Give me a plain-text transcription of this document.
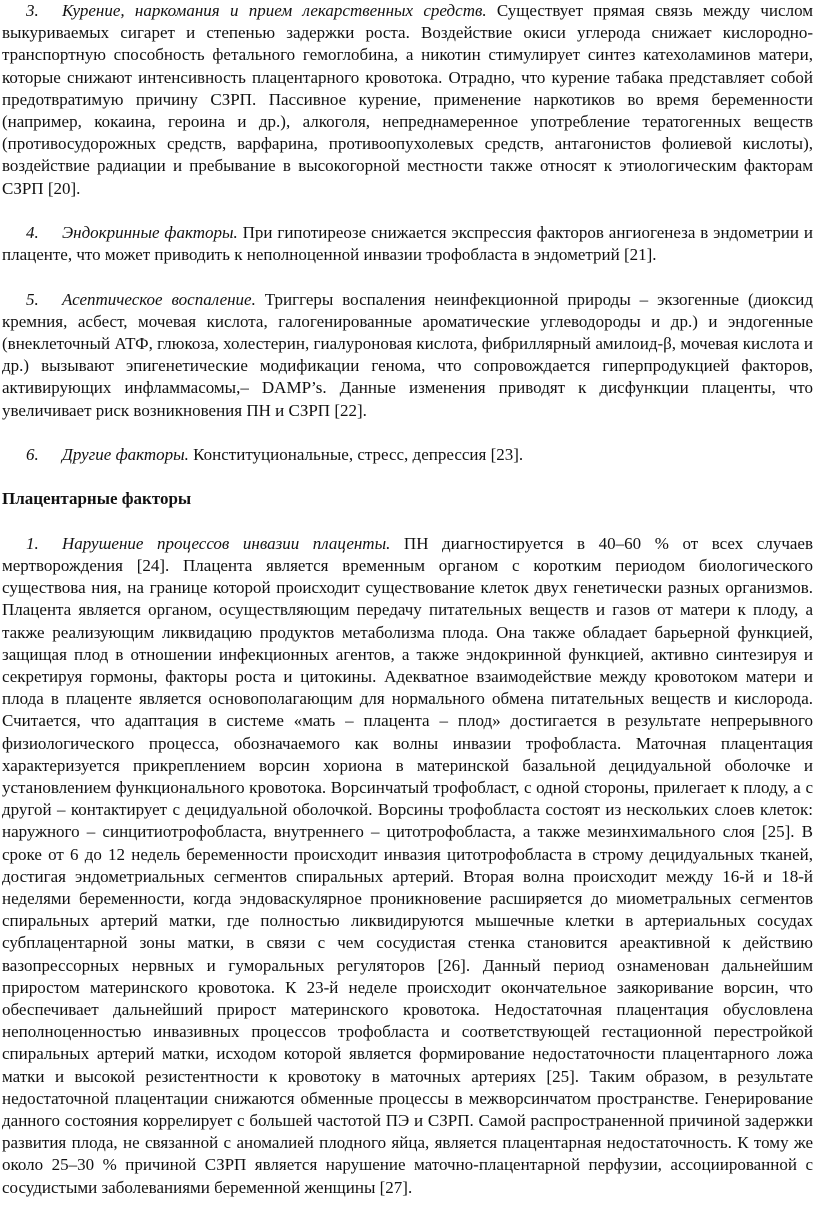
3. Курение, наркомания и прием лекарственных средств. Существует прямая связь между числом выкуриваемых сигарет и степенью задержки роста. Воздействие окиси углерода снижает кислородно-транспортную способность фетального гемоглобина, а никотин стимулирует синтез катехоламинов матери, которые снижают интенсивность плацентарного кровотока. Отрадно, что курение табака представляет собой предотвратимую причину СЗРП. Пассивное курение, применение наркотиков во время беременности (например, кокаина, героина и др.), алкоголя, непреднамеренное употребление тератогенных веществ (противосудорожных средств, варфарина, противоопухолевых средств, антагонистов фолиевой кислоты), воздействие радиации и пребывание в высокогорной местности также относят к этиологическим факторам СЗРП [20].

4. Эндокринные факторы. При гипотиреозе снижается экспрессия факторов ангиогенеза в эндометрии и плаценте, что может приводить к неполноценной инвазии трофобласта в эндометрий [21].

5. Асептическое воспаление. Триггеры воспаления неинфекционной природы – экзогенные (диоксид кремния, асбест, мочевая кислота, галогенированные ароматические углеводороды и др.) и эндогенные (внеклеточный АТФ, глюкоза, холестерин, гиалуроновая кислота, фибриллярный амилоид-β, мочевая кислота и др.) вызывают эпигенетические модификации генома, что сопровождается гиперпродукцией факторов, активирующих инфламмасомы,– DAMP’s. Данные изменения приводят к дисфункции плаценты, что увеличивает риск возникновения ПН и СЗРП [22].

6. Другие факторы. Конституциональные, стресс, депрессия [23].

Плацентарные факторы

1. Нарушение процессов инвазии плаценты. ПН диагностируется в 40–60 % от всех случаев мертворождения [24]. Плацента является временным органом с коротким периодом биологического существова ния, на границе которой происходит существование клеток двух генетически разных организмов. Плацента является органом, осуществляющим передачу питательных веществ и газов от матери к плоду, а также реализующим ликвидацию продуктов метаболизма плода. Она также обладает барьерной функцией, защищая плод в отношении инфекционных агентов, а также эндокринной функцией, активно синтезируя и секретируя гормоны, факторы роста и цитокины. Адекватное взаимодействие между кровотоком матери и плода в плаценте является основополагающим для нормального обмена питательных веществ и кислорода. Считается, что адаптация в системе «мать – плацента – плод» достигается в результате непрерывного физиологического процесса, обозначаемого как волны инвазии трофобласта. Маточная плацентация характеризуется прикреплением ворсин хориона в материнской базальной децидуальной оболочке и установлением функционального кровотока. Ворсинчатый трофобласт, с одной стороны, прилегает к плоду, а с другой – контактирует с децидуальной оболочкой. Ворсины трофобласта состоят из нескольких слоев клеток: наружного – синцитиотрофобласта, внутреннего – цитотрофобласта, а также мезинхимального слоя [25]. В сроке от 6 до 12 недель беременности происходит инвазия цитотрофобласта в строму децидуальных тканей, достигая эндометриальных сегментов спиральных артерий. Вторая волна происходит между 16-й и 18-й неделями беременности, когда эндоваскулярное проникновение расширяется до миометральных сегментов спиральных артерий матки, где полностью ликвидируются мышечные клетки в артериальных сосудах субплацентарной зоны матки, в связи с чем сосудистая стенка становится ареактивной к действию вазопрессорных нервных и гуморальных регуляторов [26]. Данный период ознаменован дальнейшим приростом материнского кровотока. К 23-й неделе происходит окончательное заякоривание ворсин, что обеспечивает дальнейший прирост материнского кровотока. Недостаточная плацентация обусловлена неполноценностью инвазивных процессов трофобласта и соответствующей гестационной перестройкой спиральных артерий матки, исходом которой является формирование недостаточности плацентарного ложа матки и высокой резистентности к кровотоку в маточных артериях [25]. Таким образом, в результате недостаточной плацентации снижаются обменные процессы в межворсинчатом пространстве. Генерирование данного состояния коррелирует с большей частотой ПЭ и СЗРП. Самой распространенной причиной задержки развития плода, не связанной с аномалией плодного яйца, является плацентарная недостаточность. К тому же около 25–30 % причиной СЗРП является нарушение маточно-плацентарной перфузии, ассоциированной с сосудистыми заболеваниями беременной женщины [27].
